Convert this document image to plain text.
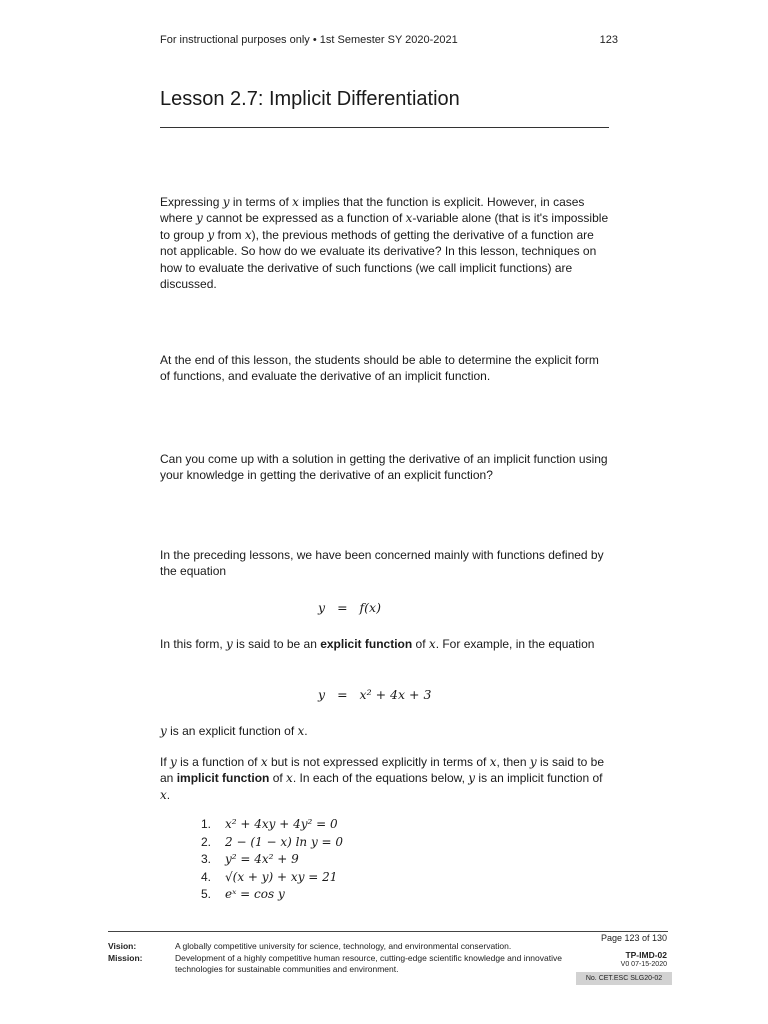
For instructional purposes only • 1st Semester SY 2020-2021	123
Lesson 2.7: Implicit Differentiation
Expressing y in terms of x implies that the function is explicit. However, in cases where y cannot be expressed as a function of x-variable alone (that is it's impossible to group y from x), the previous methods of getting the derivative of a function are not applicable. So how do we evaluate its derivative? In this lesson, techniques on how to evaluate the derivative of such functions (we call implicit functions) are discussed.
At the end of this lesson, the students should be able to determine the explicit form of functions, and evaluate the derivative of an implicit function.
Can you come up with a solution in getting the derivative of an implicit function using your knowledge in getting the derivative of an explicit function?
In the preceding lessons, we have been concerned mainly with functions defined by the equation
y = f(x)
In this form, y is said to be an explicit function of x. For example, in the equation
y = x² + 4x + 3
y is an explicit function of x.
If y is a function of x but is not expressed explicitly in terms of x, then y is said to be an implicit function of x. In each of the equations below, y is an implicit function of x.
1.	x² + 4xy + 4y² = 0
2.	2 − (1 − x) ln y = 0
3.	y² = 4x² + 9
4.	√(x + y) + xy = 21
5.	eˣ = cos y
Vision:	A globally competitive university for science, technology, and environmental conservation.
Mission:	Development of a highly competitive human resource, cutting-edge scientific knowledge and innovative technologies for sustainable communities and environment.
Page 123 of 130
TP-IMD-02
V0 07-15-2020
No. CET.ESC SLG20-02
